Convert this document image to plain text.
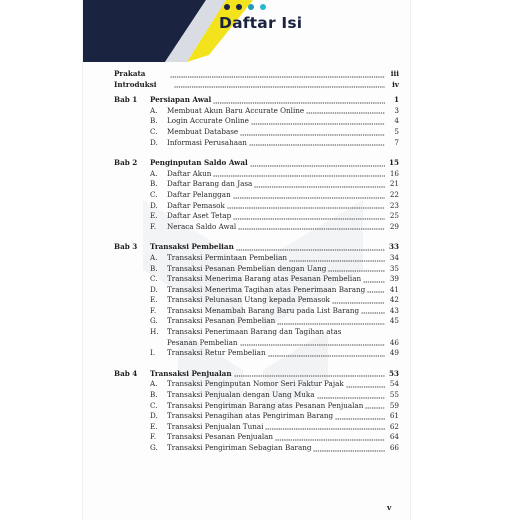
Daftar Isi
Prakata	iii
Introduksi	iv
Bab 1	Persiapan Awal	1
A.	Membuat Akun Baru Accurate Online	3
B.	Login Accurate Online	4
C.	Membuat Database	5
D.	Informasi Perusahaan	7
Bab 2	Penginputan Saldo Awal	15
A.	Daftar Akun	16
B.	Daftar Barang dan Jasa	21
C.	Daftar Pelanggan	22
D.	Daftar Pemasok	23
E.	Daftar Aset Tetap	25
F.	Neraca Saldo Awal	29
Bab 3	Transaksi Pembelian	33
A.	Transaksi Permintaan Pembelian	34
B.	Transaksi Pesanan Pembelian dengan Uang	35
C.	Transaksi Menerima Barang atas Pesanan Pembelian	39
D.	Transaksi Menerima Tagihan atas Penerimaan Barang	41
E.	Transaksi Pelunasan Utang kepada Pemasok	42
F.	Transaksi Menambah Barang Baru pada List Barang	43
G.	Transaksi Pesanan Pembelian	45
H.	Transaksi Penerimaan Barang dan Tagihan atas
Pesanan Pembelian	46
I.	Transaksi Retur Pembelian	49
Bab 4	Transaksi Penjualan	53
A.	Transaksi Penginputan Nomor Seri Faktur Pajak	54
B.	Transaksi Penjualan dengan Uang Muka	55
C.	Transaksi Pengiriman Barang atas Pesanan Penjualan	59
D.	Transaksi Penagihan atas Pengiriman Barang	61
E.	Transaksi Penjualan Tunai	62
F.	Transaksi Pesanan Penjualan	64
G.	Transaksi Pengiriman Sebagian Barang	66
v
